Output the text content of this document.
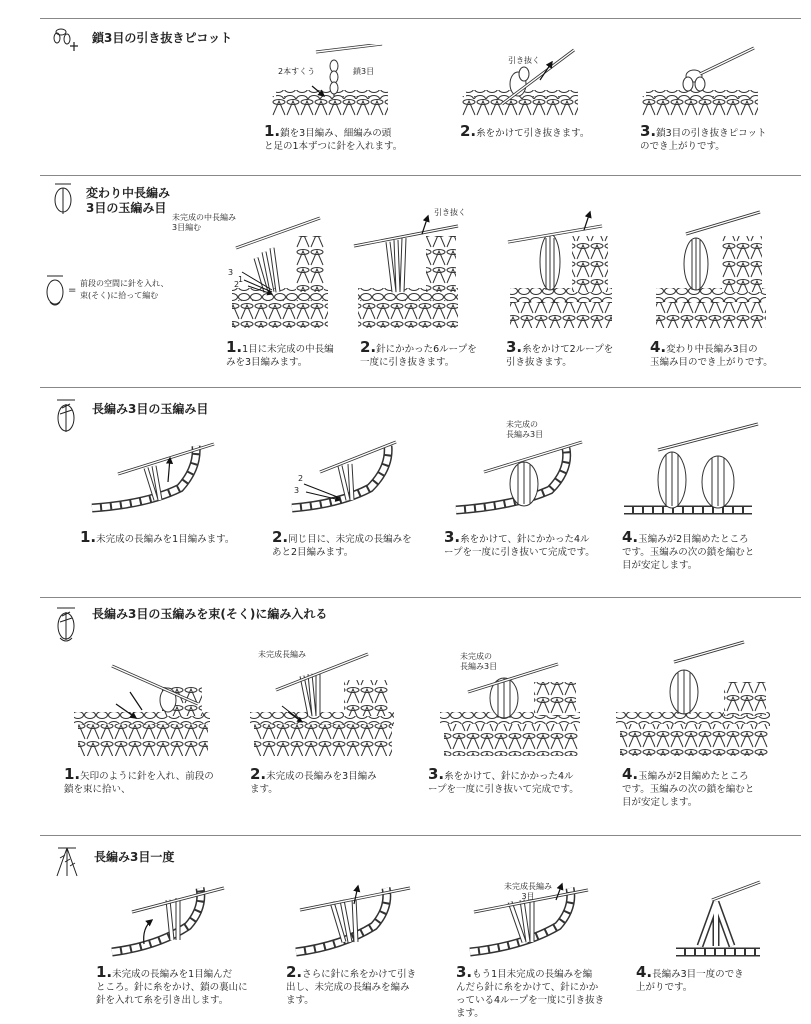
鎖3目の引き抜きピコット
2本すくう	鎖3目
引き抜く
1.鎖を3目編み、細編みの頭
と足の1本ずつに針を入れます。
2.糸をかけて引き抜きます。	3.鎖3目の引き抜きピコット
のでき上がりです。
変わり中長編み
3目の玉編み目
=
前段の空間に針を入れ、
束(そく)に拾って編む
未完成の中長編み
3目編む
1
2
3
引き抜く
1.1目に未完成の中長編
みを3目編みます。
2.針にかかった6ループを
一度に引き抜きます。
3.糸をかけて2ループを
引き抜きます。
4.変わり中長編み3目の
玉編み目のでき上がりです。
長編み3目の玉編み目
2
3
未完成の
長編み3目
1.未完成の長編みを1目編みます。	2.同じ目に、未完成の長編みを
あと2目編みます。
3.糸をかけて、針にかかった4ル
ープを一度に引き抜いて完成です。
4.玉編みが2目編めたところ
です。玉編みの次の鎖を編むと
目が安定します。
長編み3目の玉編みを束(そく)に編み入れる
未完成長編み	未完成の
長編み3目
1.矢印のように針を入れ、前段の
鎖を束に拾い、
2.未完成の長編みを3目編み
ます。
3.糸をかけて、針にかかった4ル
ープを一度に引き抜いて完成です。
4.玉編みが2目編めたところ
です。玉編みの次の鎖を編むと
目が安定します。
長編み3目一度
未完成長編み
3目
1.未完成の長編みを1目編んだ
ところ。針に糸をかけ、鎖の裏山に
針を入れて糸を引き出します。
2.さらに針に糸をかけて引き
出し、未完成の長編みを編み
ます。
3.もう1目未完成の長編みを編
んだら針に糸をかけて、針にかか
っている4ループを一度に引き抜き
ます。
4.長編み3目一度のでき
上がりです。
